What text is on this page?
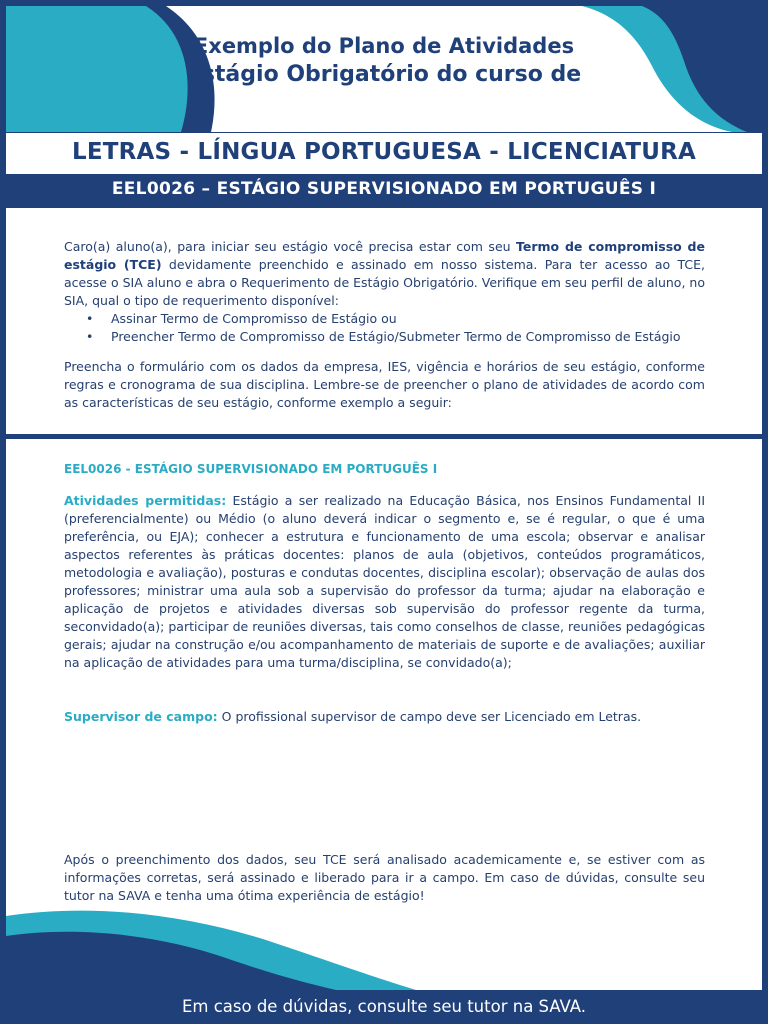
Exemplo do Plano de Atividades
Estágio Obrigatório do curso de
LETRAS - LÍNGUA PORTUGUESA - LICENCIATURA
EEL0026 – ESTÁGIO SUPERVISIONADO EM PORTUGUÊS I

Caro(a) aluno(a), para iniciar seu estágio você precisa estar com seu Termo de compromisso de estágio (TCE) devidamente preenchido e assinado em nosso sistema. Para ter acesso ao TCE, acesse o SIA aluno e abra o Requerimento de Estágio Obrigatório. Verifique em seu perfil de aluno, no SIA, qual o tipo de requerimento disponível:

• Assinar Termo de Compromisso de Estágio ou
• Preencher Termo de Compromisso de Estágio/Submeter Termo de Compromisso de Estágio

Preencha o formulário com os dados da empresa, IES, vigência e horários de seu estágio, conforme regras e cronograma de sua disciplina. Lembre-se de preencher o plano de atividades de acordo com as características de seu estágio, conforme exemplo a seguir:

EEL0026 - ESTÁGIO SUPERVISIONADO EM PORTUGUÊS I

Atividades permitidas: Estágio a ser realizado na Educação Básica, nos Ensinos Fundamental II (preferencialmente) ou Médio (o aluno deverá indicar o segmento e, se é regular, o que é uma preferência, ou EJA); conhecer a estrutura e funcionamento de uma escola; observar e analisar aspectos referentes às práticas docentes: planos de aula (objetivos, conteúdos programáticos, metodologia e avaliação), posturas e condutas docentes, disciplina escolar); observação de aulas dos professores; ministrar uma aula sob a supervisão do professor da turma; ajudar na elaboração e aplicação de projetos e atividades diversas sob supervisão do professor regente da turma, seconvidado(a); participar de reuniões diversas, tais como conselhos de classe, reuniões pedagógicas gerais; ajudar na construção e/ou acompanhamento de materiais de suporte e de avaliações; auxiliar na aplicação de atividades para uma turma/disciplina, se convidado(a);

Supervisor de campo: O profissional supervisor de campo deve ser Licenciado em Letras.

Após o preenchimento dos dados, seu TCE será analisado academicamente e, se estiver com as informações corretas, será assinado e liberado para ir a campo. Em caso de dúvidas, consulte seu tutor na SAVA e tenha uma ótima experiência de estágio!

Em caso de dúvidas, consulte seu tutor na SAVA.
